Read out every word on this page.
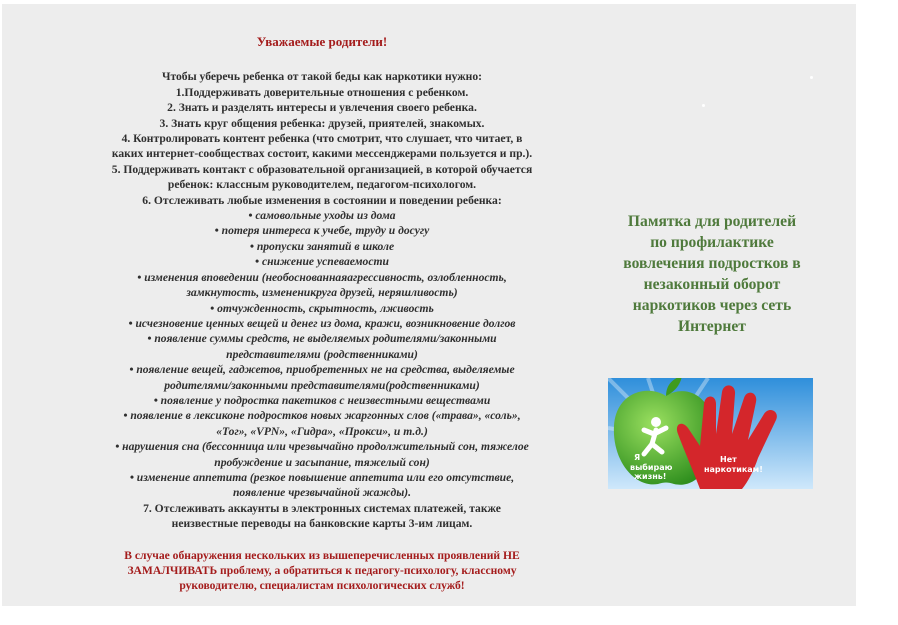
Уважаемые родители!
Чтобы уберечь ребенка от такой беды как наркотики нужно:
1.Поддерживать доверительные отношения с ребенком.
2. Знать и разделять интересы и увлечения своего ребенка.
3. Знать круг общения ребенка: друзей, приятелей, знакомых.
4. Контролировать контент ребенка (что смотрит, что слушает, что читает, в
каких интернет-сообществах состоит, какими мессенджерами пользуется и пр.).
5. Поддерживать контакт с образовательной организацией, в которой обучается
ребенок: классным руководителем, педагогом-психологом.
6. Отслеживать любые изменения в состоянии и поведении ребенка:
• самовольные уходы из дома
• потеря интереса к учебе, труду и досугу
• пропуски занятий в школе
• снижение успеваемости
• изменения вповедении (необоснованнаяагрессивность, озлобленность,
замкнутость, измененикруга друзей, неряшливость)
• отчужденность, скрытность, лживость
• исчезновение ценных вещей и денег из дома, кражи, возникновение долгов
• появление суммы средств, не выделяемых родителями/законными
представителями (родственниками)
• появление вещей, гаджетов, приобретенных не на средства, выделяемые
родителями/законными представителями(родственниками)
• появление у подростка пакетиков с неизвестными веществами
• появление в лексиконе подростков новых жаргонных слов («трава», «соль»,
«Тог», «VPN», «Гидра», «Прокси», и т.д.)
• нарушения сна (бессонница или чрезвычайно продолжительный сон, тяжелое
пробуждение и засыпание, тяжелый сон)
• изменение аппетита (резкое повышение аппетита или его отсутствие,
появление чрезвычайной жажды).
7. Отслеживать аккаунты в электронных системах платежей, также
неизвестные переводы на банковские карты 3-им лицам.
В случае обнаружения нескольких из вышеперечисленных проявлений НЕ
ЗАМАЛЧИВАТЬ проблему, а обратиться к педагогу-психологу, классному
руководителю, специалистам психологических служб!
Памятка для родителей
по профилактике
вовлечения подростков в
незаконный оборот
наркотиков через сеть
Интернет
Я
выбираю
жизнь!
Нет
наркотикам!
